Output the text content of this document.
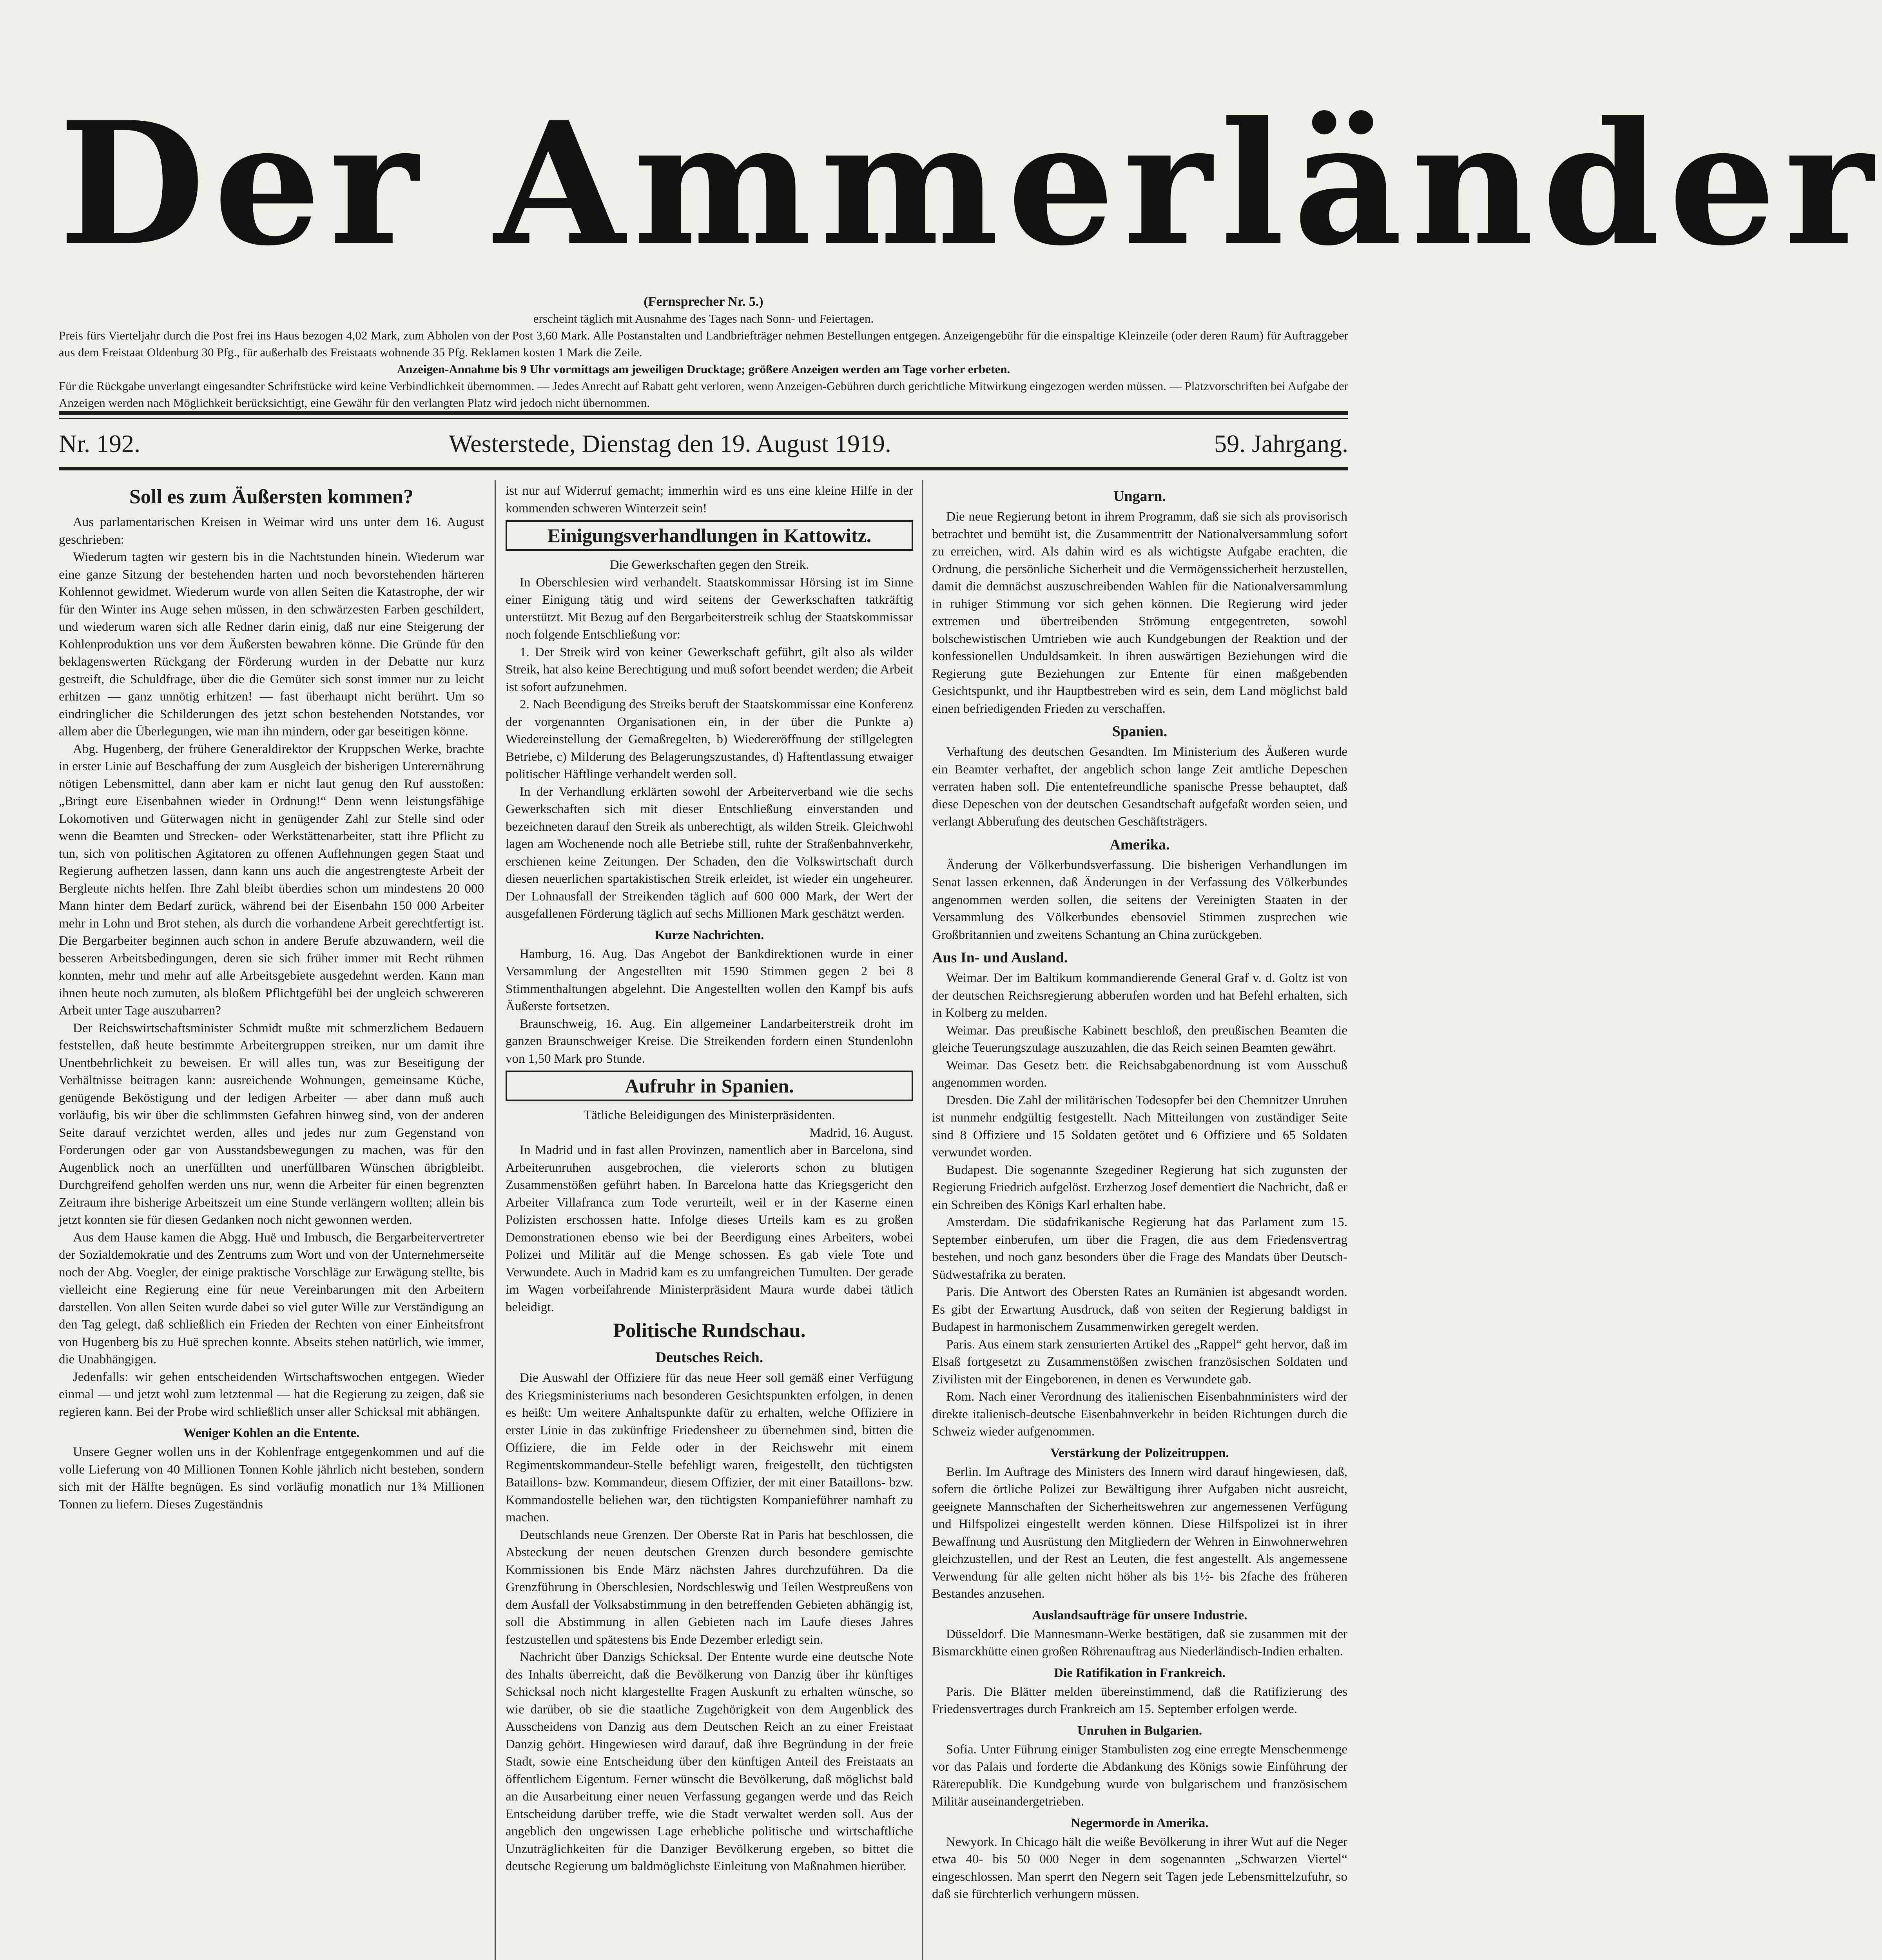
Der Ammerländer

(Fernsprecher Nr. 5.)

erscheint täglich mit Ausnahme des Tages nach Sonn- und Feiertagen.

Preis fürs Vierteljahr durch die Post frei ins Haus bezogen 4,02 Mark, zum Abholen von der Post 3,60 Mark. Alle Postanstalten und Landbriefträger nehmen Bestellungen entgegen. Anzeigengebühr für die einspaltige Kleinzeile (oder deren Raum) für Auftraggeber aus dem Freistaat Oldenburg 30 Pfg., für außerhalb des Freistaats wohnende 35 Pfg. Reklamen kosten 1 Mark die Zeile.

Anzeigen-Annahme bis 9 Uhr vormittags am jeweiligen Drucktage; größere Anzeigen werden am Tage vorher erbeten.

Für die Rückgabe unverlangt eingesandter Schriftstücke wird keine Verbindlichkeit übernommen. — Jedes Anrecht auf Rabatt geht verloren, wenn Anzeigen-Gebühren durch gerichtliche Mitwirkung eingezogen werden müssen. — Platzvorschriften bei Aufgabe der Anzeigen werden nach Möglichkeit berücksichtigt, eine Gewähr für den verlangten Platz wird jedoch nicht übernommen.

Nr. 192.	Westerstede, Dienstag den 19. August 1919.	59. Jahrgang.
Soll es zum Äußersten kommen?

Aus parlamentarischen Kreisen in Weimar wird uns unter dem 16. August geschrieben:

Wiederum tagten wir gestern bis in die Nachtstunden hinein. Wiederum war eine ganze Sitzung der bestehenden harten und noch bevorstehenden härteren Kohlennot gewidmet. Wiederum wurde von allen Seiten die Katastrophe, der wir für den Winter ins Auge sehen müssen, in den schwärzesten Farben geschildert, und wiederum waren sich alle Redner darin einig, daß nur eine Steigerung der Kohlenproduktion uns vor dem Äußersten bewahren könne. Die Gründe für den beklagenswerten Rückgang der Förderung wurden in der Debatte nur kurz gestreift, die Schuldfrage, über die die Gemüter sich sonst immer nur zu leicht erhitzen — ganz unnötig erhitzen! — fast überhaupt nicht berührt. Um so eindringlicher die Schilderungen des jetzt schon bestehenden Notstandes, vor allem aber die Überlegungen, wie man ihn mindern, oder gar beseitigen könne.

Abg. Hugenberg, der frühere Generaldirektor der Kruppschen Werke, brachte in erster Linie auf Beschaffung der zum Ausgleich der bisherigen Unterernährung nötigen Lebensmittel, dann aber kam er nicht laut genug den Ruf ausstoßen: „Bringt eure Eisenbahnen wieder in Ordnung!“ Denn wenn leistungsfähige Lokomotiven und Güterwagen nicht in genügender Zahl zur Stelle sind oder wenn die Beamten und Strecken- oder Werkstättenarbeiter, statt ihre Pflicht zu tun, sich von politischen Agitatoren zu offenen Auflehnungen gegen Staat und Regierung aufhetzen lassen, dann kann uns auch die angestrengteste Arbeit der Bergleute nichts helfen. Ihre Zahl bleibt überdies schon um mindestens 20 000 Mann hinter dem Bedarf zurück, während bei der Eisenbahn 150 000 Arbeiter mehr in Lohn und Brot stehen, als durch die vorhandene Arbeit gerechtfertigt ist. Die Bergarbeiter beginnen auch schon in andere Berufe abzuwandern, weil die besseren Arbeitsbedingungen, deren sie sich früher immer mit Recht rühmen konnten, mehr und mehr auf alle Arbeitsgebiete ausgedehnt werden. Kann man ihnen heute noch zumuten, als bloßem Pflichtgefühl bei der ungleich schwereren Arbeit unter Tage auszuharren?

Der Reichswirtschaftsminister Schmidt mußte mit schmerzlichem Bedauern feststellen, daß heute bestimmte Arbeitergruppen streiken, nur um damit ihre Unentbehrlichkeit zu beweisen. Er will alles tun, was zur Beseitigung der Verhältnisse beitragen kann: ausreichende Wohnungen, gemeinsame Küche, genügende Beköstigung und der ledigen Arbeiter — aber dann muß auch vorläufig, bis wir über die schlimmsten Gefahren hinweg sind, von der anderen Seite darauf verzichtet werden, alles und jedes nur zum Gegenstand von Forderungen oder gar von Ausstandsbewegungen zu machen, was für den Augenblick noch an unerfüllten und unerfüllbaren Wünschen übrigbleibt. Durchgreifend geholfen werden uns nur, wenn die Arbeiter für einen begrenzten Zeitraum ihre bisherige Arbeitszeit um eine Stunde verlängern wollten; allein bis jetzt konnten sie für diesen Gedanken noch nicht gewonnen werden.

Aus dem Hause kamen die Abgg. Huë und Imbusch, die Bergarbeitervertreter der Sozialdemokratie und des Zentrums zum Wort und von der Unternehmerseite noch der Abg. Voegler, der einige praktische Vorschläge zur Erwägung stellte, bis vielleicht eine Regierung eine für neue Vereinbarungen mit den Arbeitern darstellen. Von allen Seiten wurde dabei so viel guter Wille zur Verständigung an den Tag gelegt, daß schließlich ein Frieden der Rechten von einer Einheitsfront von Hugenberg bis zu Huë sprechen konnte. Abseits stehen natürlich, wie immer, die Unabhängigen.

Jedenfalls: wir gehen entscheidenden Wirtschaftswochen entgegen. Wieder einmal — und jetzt wohl zum letztenmal — hat die Regierung zu zeigen, daß sie regieren kann. Bei der Probe wird schließlich unser aller Schicksal mit abhängen.

Weniger Kohlen an die Entente.

Unsere Gegner wollen uns in der Kohlenfrage entgegenkommen und auf die volle Lieferung von 40 Millionen Tonnen Kohle jährlich nicht bestehen, sondern sich mit der Hälfte begnügen. Es sind vorläufig monatlich nur 1¾ Millionen Tonnen zu liefern. Dieses Zugeständnis

ist nur auf Widerruf gemacht; immerhin wird es uns eine kleine Hilfe in der kommenden schweren Winterzeit sein!

Einigungsverhandlungen in Kattowitz.

Die Gewerkschaften gegen den Streik.

In Oberschlesien wird verhandelt. Staatskommissar Hörsing ist im Sinne einer Einigung tätig und wird seitens der Gewerkschaften tatkräftig unterstützt. Mit Bezug auf den Bergarbeiterstreik schlug der Staatskommissar noch folgende Entschließung vor:

1. Der Streik wird von keiner Gewerkschaft geführt, gilt also als wilder Streik, hat also keine Berechtigung und muß sofort beendet werden; die Arbeit ist sofort aufzunehmen.

2. Nach Beendigung des Streiks beruft der Staatskommissar eine Konferenz der vorgenannten Organisationen ein, in der über die Punkte a) Wiedereinstellung der Gemaßregelten, b) Wiedereröffnung der stillgelegten Betriebe, c) Milderung des Belagerungszustandes, d) Haftentlassung etwaiger politischer Häftlinge verhandelt werden soll.

In der Verhandlung erklärten sowohl der Arbeiterverband wie die sechs Gewerkschaften sich mit dieser Entschließung einverstanden und bezeichneten darauf den Streik als unberechtigt, als wilden Streik. Gleichwohl lagen am Wochenende noch alle Betriebe still, ruhte der Straßenbahnverkehr, erschienen keine Zeitungen. Der Schaden, den die Volkswirtschaft durch diesen neuerlichen spartakistischen Streik erleidet, ist wieder ein ungeheurer. Der Lohnausfall der Streikenden täglich auf 600 000 Mark, der Wert der ausgefallenen Förderung täglich auf sechs Millionen Mark geschätzt werden.

Kurze Nachrichten.

Hamburg, 16. Aug. Das Angebot der Bankdirektionen wurde in einer Versammlung der Angestellten mit 1590 Stimmen gegen 2 bei 8 Stimmenthaltungen abgelehnt. Die Angestellten wollen den Kampf bis aufs Äußerste fortsetzen.

Braunschweig, 16. Aug. Ein allgemeiner Landarbeiterstreik droht im ganzen Braunschweiger Kreise. Die Streikenden fordern einen Stundenlohn von 1,50 Mark pro Stunde.

Aufruhr in Spanien.

Tätliche Beleidigungen des Ministerpräsidenten.

Madrid, 16. August.

In Madrid und in fast allen Provinzen, namentlich aber in Barcelona, sind Arbeiterunruhen ausgebrochen, die vielerorts schon zu blutigen Zusammenstößen geführt haben. In Barcelona hatte das Kriegsgericht den Arbeiter Villafranca zum Tode verurteilt, weil er in der Kaserne einen Polizisten erschossen hatte. Infolge dieses Urteils kam es zu großen Demonstrationen ebenso wie bei der Beerdigung eines Arbeiters, wobei Polizei und Militär auf die Menge schossen. Es gab viele Tote und Verwundete. Auch in Madrid kam es zu umfangreichen Tumulten. Der gerade im Wagen vorbeifahrende Ministerpräsident Maura wurde dabei tätlich beleidigt.

Politische Rundschau.
Deutsches Reich.

Die Auswahl der Offiziere für das neue Heer soll gemäß einer Verfügung des Kriegsministeriums nach besonderen Gesichtspunkten erfolgen, in denen es heißt: Um weitere Anhaltspunkte dafür zu erhalten, welche Offiziere in erster Linie in das zukünftige Friedensheer zu übernehmen sind, bitten die Offiziere, die im Felde oder in der Reichswehr mit einem Regimentskommandeur-Stelle befehligt waren, freigestellt, den tüchtigsten Bataillons- bzw. Kommandeur, diesem Offizier, der mit einer Bataillons- bzw. Kommandostelle beliehen war, den tüchtigsten Kompanieführer namhaft zu machen.

Deutschlands neue Grenzen. Der Oberste Rat in Paris hat beschlossen, die Absteckung der neuen deutschen Grenzen durch besondere gemischte Kommissionen bis Ende März nächsten Jahres durchzuführen. Da die Grenzführung in Oberschlesien, Nordschleswig und Teilen Westpreußens von dem Ausfall der Volksabstimmung in den betreffenden Gebieten abhängig ist, soll die Abstimmung in allen Gebieten nach im Laufe dieses Jahres festzustellen und spätestens bis Ende Dezember erledigt sein.

Nachricht über Danzigs Schicksal. Der Entente wurde eine deutsche Note des Inhalts überreicht, daß die Bevölkerung von Danzig über ihr künftiges Schicksal noch nicht klargestellte Fragen Auskunft zu erhalten wünsche, so wie darüber, ob sie die staatliche Zugehörigkeit von dem Augenblick des Ausscheidens von Danzig aus dem Deutschen Reich an zu einer Freistaat Danzig gehört. Hingewiesen wird darauf, daß ihre Begründung in der freie Stadt, sowie eine Entscheidung über den künftigen Anteil des Freistaats an öffentlichem Eigentum. Ferner wünscht die Bevölkerung, daß möglichst bald an die Ausarbeitung einer neuen Verfassung gegangen werde und das Reich Entscheidung darüber treffe, wie die Stadt verwaltet werden soll. Aus der angeblich den ungewissen Lage erhebliche politische und wirtschaftliche Unzuträglichkeiten für die Danziger Bevölkerung ergeben, so bittet die deutsche Regierung um baldmöglichste Einleitung von Maßnahmen hierüber.

Ungarn.

Die neue Regierung betont in ihrem Programm, daß sie sich als provisorisch betrachtet und bemüht ist, die Zusammentritt der Nationalversammlung sofort zu erreichen, wird. Als dahin wird es als wichtigste Aufgabe erachten, die Ordnung, die persönliche Sicherheit und die Vermögenssicherheit herzustellen, damit die demnächst auszuschreibenden Wahlen für die Nationalversammlung in ruhiger Stimmung vor sich gehen können. Die Regierung wird jeder extremen und übertreibenden Strömung entgegentreten, sowohl bolschewistischen Umtrieben wie auch Kundgebungen der Reaktion und der konfessionellen Unduldsamkeit. In ihren auswärtigen Beziehungen wird die Regierung gute Beziehungen zur Entente für einen maßgebenden Gesichtspunkt, und ihr Hauptbestreben wird es sein, dem Land möglichst bald einen befriedigenden Frieden zu verschaffen.

Spanien.

Verhaftung des deutschen Gesandten. Im Ministerium des Äußeren wurde ein Beamter verhaftet, der angeblich schon lange Zeit amtliche Depeschen verraten haben soll. Die ententefreundliche spanische Presse behauptet, daß diese Depeschen von der deutschen Gesandtschaft aufgefaßt worden seien, und verlangt Abberufung des deutschen Geschäftsträgers.

Amerika.

Änderung der Völkerbundsverfassung. Die bisherigen Verhandlungen im Senat lassen erkennen, daß Änderungen in der Verfassung des Völkerbundes angenommen werden sollen, die seitens der Vereinigten Staaten in der Versammlung des Völkerbundes ebensoviel Stimmen zusprechen wie Großbritannien und zweitens Schantung an China zurückgeben.

Aus In- und Ausland.

Weimar. Der im Baltikum kommandierende General Graf v. d. Goltz ist von der deutschen Reichsregierung abberufen worden und hat Befehl erhalten, sich in Kolberg zu melden.

Weimar. Das preußische Kabinett beschloß, den preußischen Beamten die gleiche Teuerungszulage auszuzahlen, die das Reich seinen Beamten gewährt.

Weimar. Das Gesetz betr. die Reichsabgabenordnung ist vom Ausschuß angenommen worden.

Dresden. Die Zahl der militärischen Todesopfer bei den Chemnitzer Unruhen ist nunmehr endgültig festgestellt. Nach Mitteilungen von zuständiger Seite sind 8 Offiziere und 15 Soldaten getötet und 6 Offiziere und 65 Soldaten verwundet worden.

Budapest. Die sogenannte Szegediner Regierung hat sich zugunsten der Regierung Friedrich aufgelöst. Erzherzog Josef dementiert die Nachricht, daß er ein Schreiben des Königs Karl erhalten habe.

Amsterdam. Die südafrikanische Regierung hat das Parlament zum 15. September einberufen, um über die Fragen, die aus dem Friedensvertrag bestehen, und noch ganz besonders über die Frage des Mandats über Deutsch-Südwestafrika zu beraten.

Paris. Die Antwort des Obersten Rates an Rumänien ist abgesandt worden. Es gibt der Erwartung Ausdruck, daß von seiten der Regierung baldigst in Budapest in harmonischem Zusammenwirken geregelt werden.

Paris. Aus einem stark zensurierten Artikel des „Rappel“ geht hervor, daß im Elsaß fortgesetzt zu Zusammenstößen zwischen französischen Soldaten und Zivilisten mit der Eingeborenen, in denen es Verwundete gab.

Rom. Nach einer Verordnung des italienischen Eisenbahnministers wird der direkte italienisch-deutsche Eisenbahnverkehr in beiden Richtungen durch die Schweiz wieder aufgenommen.

Verstärkung der Polizeitruppen.

Berlin. Im Auftrage des Ministers des Innern wird darauf hingewiesen, daß, sofern die örtliche Polizei zur Bewältigung ihrer Aufgaben nicht ausreicht, geeignete Mannschaften der Sicherheitswehren zur angemessenen Verfügung und Hilfspolizei eingestellt werden können. Diese Hilfspolizei ist in ihrer Bewaffnung und Ausrüstung den Mitgliedern der Wehren in Einwohnerwehren gleichzustellen, und der Rest an Leuten, die fest angestellt. Als angemessene Verwendung für alle gelten nicht höher als bis 1½- bis 2fache des früheren Bestandes anzusehen.

Auslandsaufträge für unsere Industrie.

Düsseldorf. Die Mannesmann-Werke bestätigen, daß sie zusammen mit der Bismarckhütte einen großen Röhrenauftrag aus Niederländisch-Indien erhalten.

Die Ratifikation in Frankreich.

Paris. Die Blätter melden übereinstimmend, daß die Ratifizierung des Friedensvertrages durch Frankreich am 15. September erfolgen werde.

Unruhen in Bulgarien.

Sofia. Unter Führung einiger Stambulisten zog eine erregte Menschenmenge vor das Palais und forderte die Abdankung des Königs sowie Einführung der Räterepublik. Die Kundgebung wurde von bulgarischem und französischem Militär auseinandergetrieben.

Negermorde in Amerika.

Newyork. In Chicago hält die weiße Bevölkerung in ihrer Wut auf die Neger etwa 40- bis 50 000 Neger in dem sogenannten „Schwarzen Viertel“ eingeschlossen. Man sperrt den Negern seit Tagen jede Lebensmittelzufuhr, so daß sie fürchterlich verhungern müssen.
